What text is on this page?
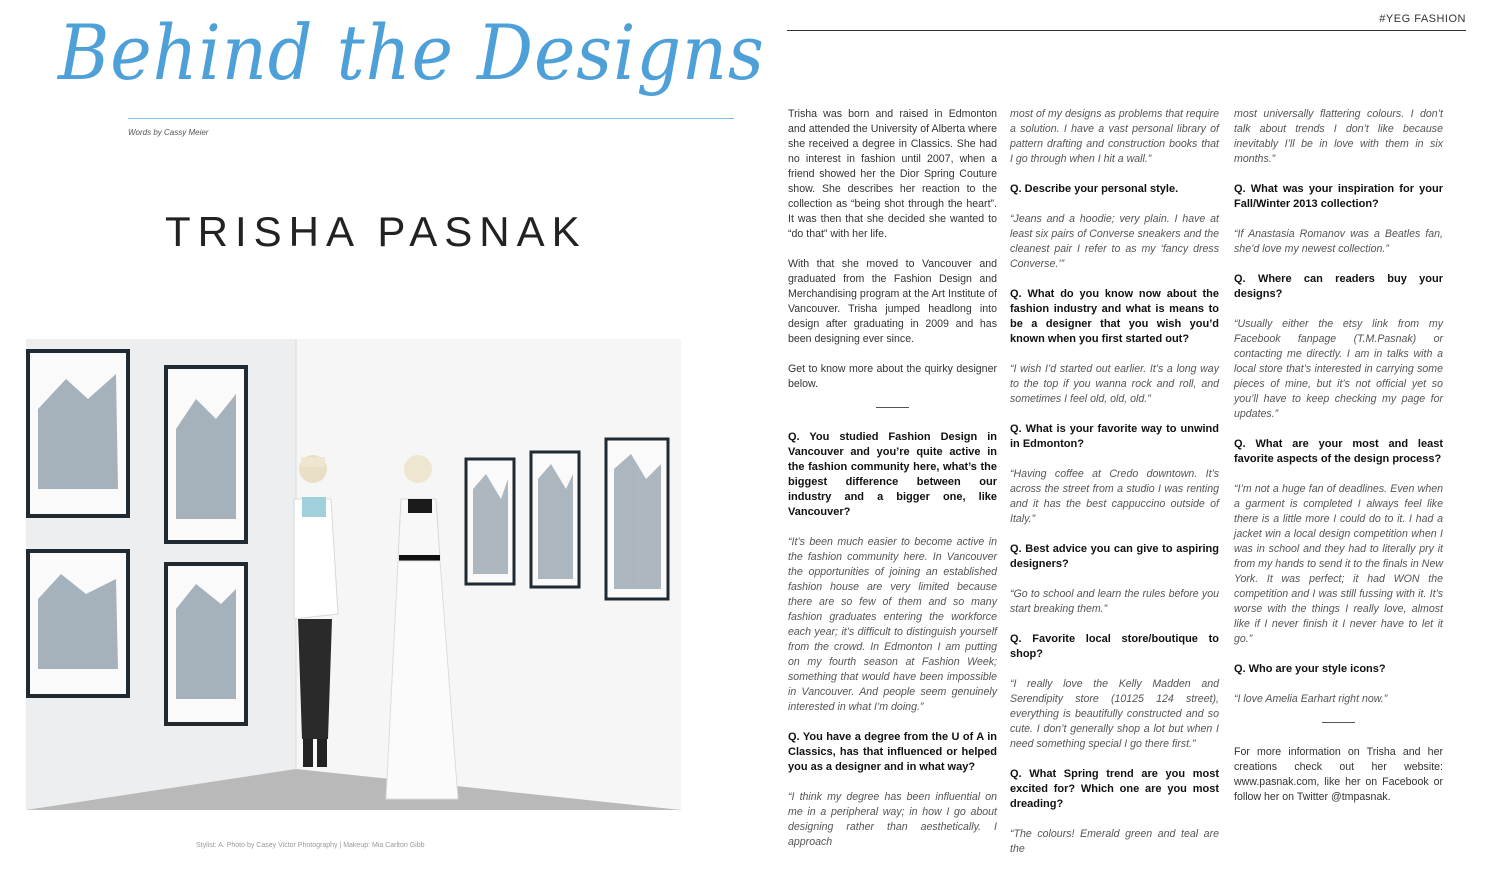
Behind the Designs
Words by Cassy Meier
TRISHA PASNAK
Stylist: A. Photo by Casey Victor Photography | Makeup: Mia Carlton Gibb
#YEG FASHION

Trisha was born and raised in Edmonton and attended the University of Alberta where she received a degree in Classics. She had no interest in fashion until 2007, when a friend showed her the Dior Spring Couture show. She describes her reaction to the collection as “being shot through the heart”. It was then that she decided she wanted to “do that” with her life.

With that she moved to Vancouver and graduated from the Fashion Design and Merchandising program at the Art Institute of Vancouver. Trisha jumped headlong into design after graduating in 2009 and has been designing ever since.

Get to know more about the quirky designer below.

Q. You studied Fashion Design in Vancouver and you’re quite active in the fashion community here, what’s the biggest difference between our industry and a bigger one, like Vancouver?

“It’s been much easier to become active in the fashion community here. In Vancouver the opportunities of joining an established fashion house are very limited because there are so few of them and so many fashion graduates entering the workforce each year; it’s difficult to distinguish yourself from the crowd. In Edmonton I am putting on my fourth season at Fashion Week; something that would have been impossible in Vancouver. And people seem genuinely interested in what I’m doing.”

Q. You have a degree from the U of A in Classics, has that influenced or helped you as a designer and in what way?

“I think my degree has been influential on me in a peripheral way; in how I go about designing rather than aesthetically. I approach

most of my designs as problems that require a solution. I have a vast personal library of pattern drafting and construction books that I go through when I hit a wall.”

Q. Describe your personal style.

“Jeans and a hoodie; very plain. I have at least six pairs of Converse sneakers and the cleanest pair I refer to as my ‘fancy dress Converse.’”

Q. What do you know now about the fashion industry and what is means to be a designer that you wish you’d known when you first started out?

“I wish I’d started out earlier. It’s a long way to the top if you wanna rock and roll, and sometimes I feel old, old, old.”

Q. What is your favorite way to unwind in Edmonton?

“Having coffee at Credo downtown. It’s across the street from a studio I was renting and it has the best cappuccino outside of Italy.”

Q. Best advice you can give to aspiring designers?

“Go to school and learn the rules before you start breaking them.”

Q. Favorite local store/boutique to shop?

“I really love the Kelly Madden and Serendipity store (10125 124 street), everything is beautifully constructed and so cute. I don’t generally shop a lot but when I need something special I go there first.”

Q. What Spring trend are you most excited for? Which one are you most dreading?

“The colours! Emerald green and teal are the

most universally flattering colours. I don’t talk about trends I don’t like because inevitably I’ll be in love with them in six months.”

Q. What was your inspiration for your Fall/Winter 2013 collection?

“If Anastasia Romanov was a Beatles fan, she’d love my newest collection.”

Q. Where can readers buy your designs?

“Usually either the etsy link from my Facebook fanpage (T.M.Pasnak) or contacting me directly. I am in talks with a local store that’s interested in carrying some pieces of mine, but it’s not official yet so you’ll have to keep checking my page for updates.”

Q. What are your most and least favorite aspects of the design process?

“I’m not a huge fan of deadlines. Even when a garment is completed I always feel like there is a little more I could do to it. I had a jacket win a local design competition when I was in school and they had to literally pry it from my hands to send it to the finals in New York. It was perfect; it had WON the competition and I was still fussing with it. It’s worse with the things I really love, almost like if I never finish it I never have to let it go.”

Q. Who are your style icons?

“I love Amelia Earhart right now.”

For more information on Trisha and her creations check out her website: www.pasnak.com, like her on Facebook or follow her on Twitter @tmpasnak.
